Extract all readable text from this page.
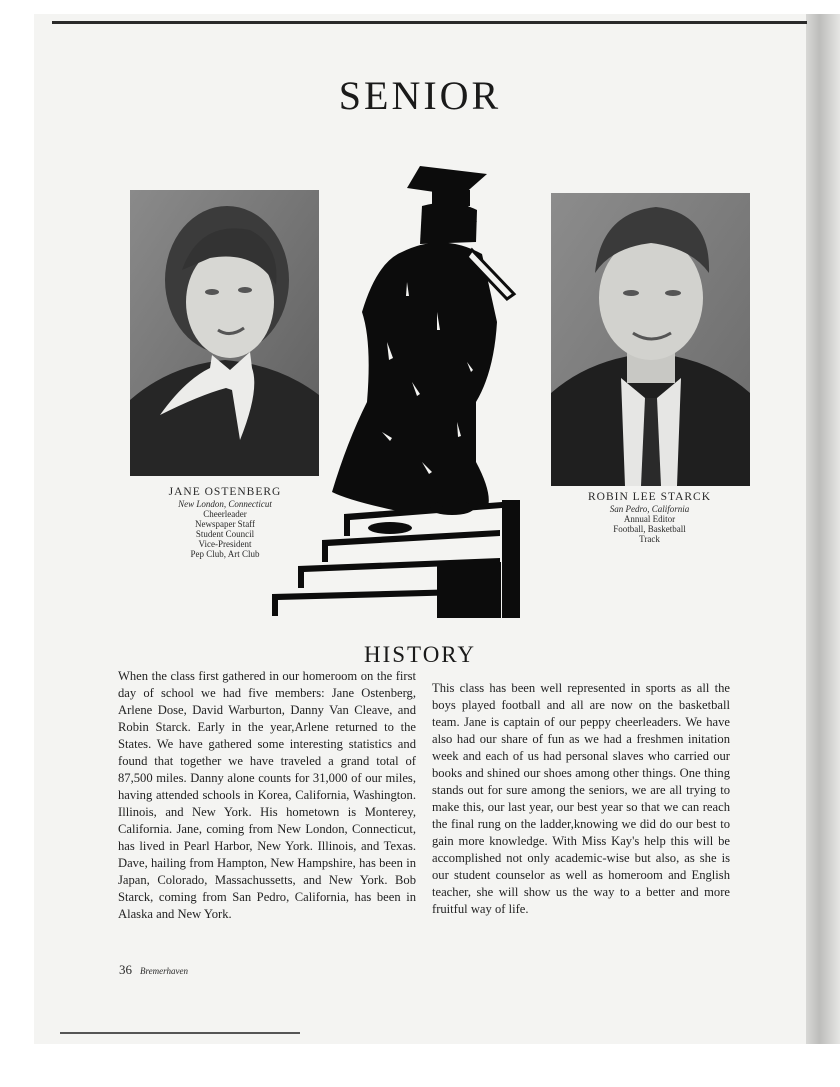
SENIOR
JANE OSTENBERG
New London, Connecticut
Cheerleader
Newspaper Staff
Student Council
Vice-President
Pep Club, Art Club
ROBIN LEE STARCK
San Pedro, California
Annual Editor
Football, Basketball
Track
HISTORY
When the class first gathered in our homeroom on the first day of school we had five members: Jane Ostenberg, Arlene Dose, David Warburton, Danny Van Cleave, and Robin Starck. Early in the year,Arlene returned to the States. We have gathered some interesting statistics and found that together we have traveled a grand total of 87,500 miles. Danny alone counts for 31,000 of our miles, having attended schools in Korea, California, Washington. Illinois, and New York. His hometown is Monterey, California. Jane, coming from New London, Connecticut, has lived in Pearl Harbor, New York. Illinois, and Texas. Dave, hailing from Hampton, New Hampshire, has been in Japan, Colorado, Massachussetts, and New York. Bob Starck, coming from San Pedro, California, has been in Alaska and New York.
This class has been well represented in sports as all the boys played football and all are now on the basketball team. Jane is captain of our peppy cheerleaders. We have also had our share of fun as we had a freshmen initation week and each of us had personal slaves who carried our books and shined our shoes among other things. One thing stands out for sure among the seniors, we are all trying to make this, our last year, our best year so that we can reach the final rung on the ladder,knowing we did do our best to gain more knowledge. With Miss Kay's help this will be accomplished not only academic-wise but also, as she is our student counselor as well as homeroom and English teacher, she will show us the way to a better and more fruitful way of life.
36 Bremerhaven
